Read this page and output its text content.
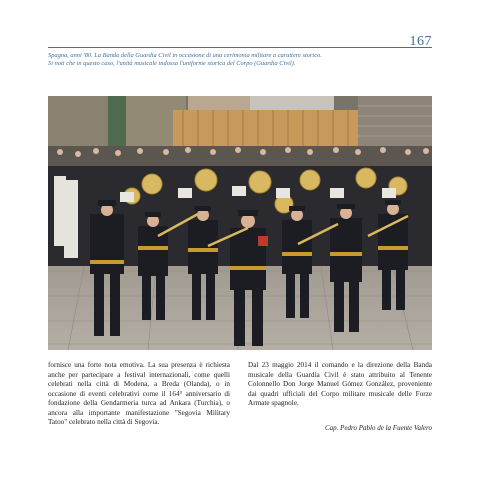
167
Spagna, anni '80. La Banda della Guardia Civil in occasione di una cerimonia militare a carattere storico.
Si noti che in questo caso, l'unità musicale indossa l'uniforme storica del Corpo (Guardia Civil).

fornisce una forte nota emotiva. La sua presenza è richiesta anche per partecipare a festival internazionali, come quelli celebrati nella città di Modena, a Breda (Olanda), o in occasione di eventi celebrativi come il 164° anniversario di fondazione della Gendarmeria turca ad Ankara (Turchia), o ancora alla importante manifestazione "Segovia Military Tatoo" celebrato nella città di Segovia.

Dal 23 maggio 2014 il comando e la direzione della Banda musicale della Guardia Civil è stato attribuito al Tenente Colonnello Don Jorge Manuel Gómez González, proveniente dai quadri ufficiali del Corpo militare musicale delle Forze Armate spagnole.

Cap. Pedro Pablo de la Fuente Valero
